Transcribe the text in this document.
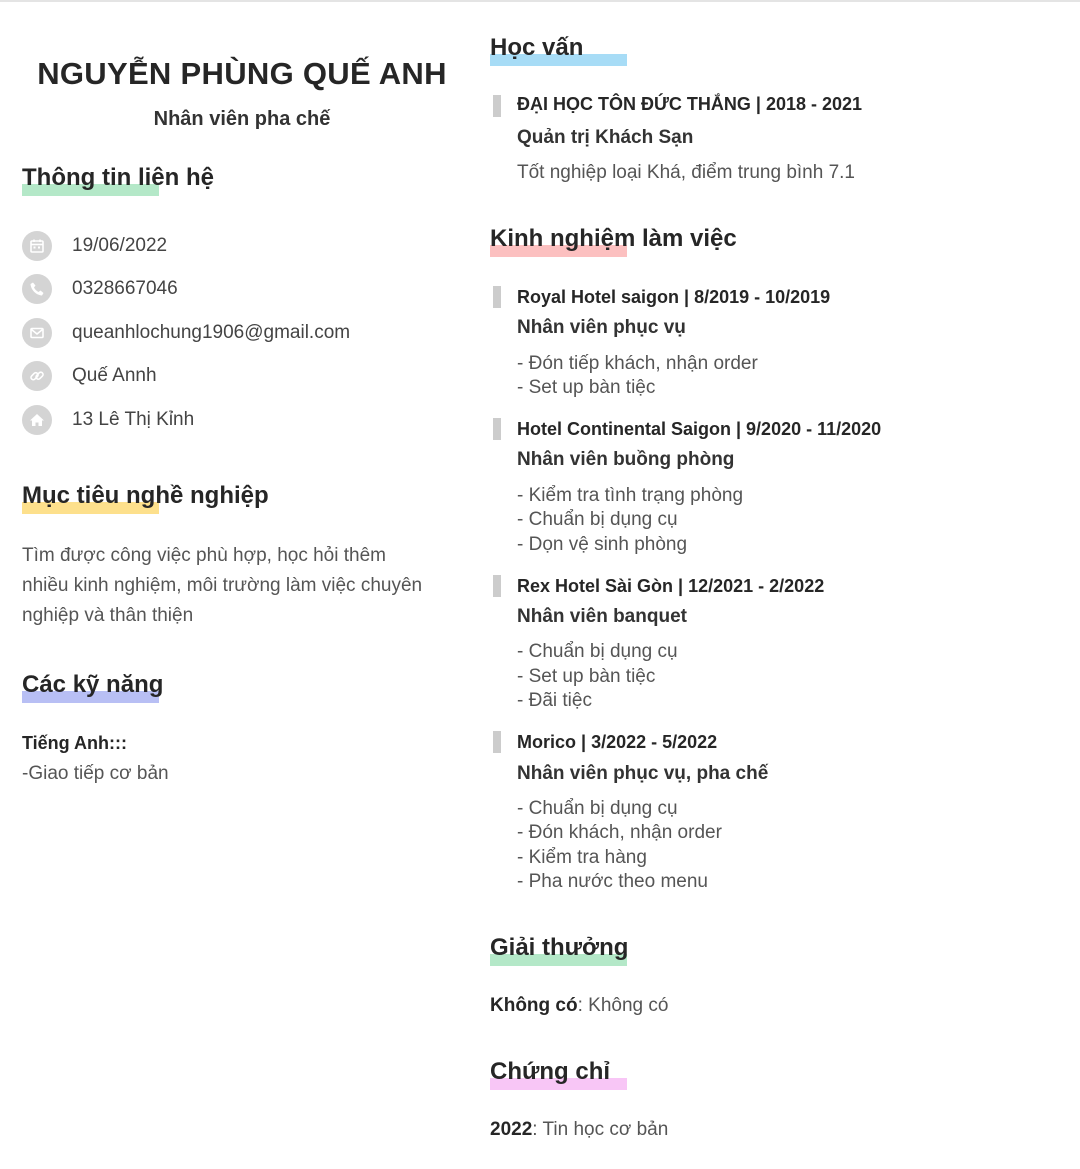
NGUYỄN PHÙNG QUẾ ANH
Nhân viên pha chế
Thông tin liên hệ
19/06/2022
0328667046
queanhlochung1906@gmail.com
Quế Annh
13 Lê Thị Kỉnh
Mục tiêu nghề nghiệp
Tìm được công việc phù hợp, học hỏi thêm
nhiều kinh nghiệm, môi trường làm việc chuyên
nghiệp và thân thiện
Các kỹ năng
Tiếng Anh:::
-Giao tiếp cơ bản
Học vấn
ĐẠI HỌC TÔN ĐỨC THẮNG | 2018 - 2021
Quản trị Khách Sạn
Tốt nghiệp loại Khá, điểm trung bình 7.1
Kinh nghiệm làm việc
Royal Hotel saigon | 8/2019 - 10/2019
Nhân viên phục vụ
- Đón tiếp khách, nhận order
- Set up bàn tiệc
Hotel Continental Saigon | 9/2020 - 11/2020
Nhân viên buồng phòng
- Kiểm tra tình trạng phòng
- Chuẩn bị dụng cụ
- Dọn vệ sinh phòng
Rex Hotel Sài Gòn | 12/2021 - 2/2022
Nhân viên banquet
- Chuẩn bị dụng cụ
- Set up bàn tiệc
- Đãi tiệc
Morico | 3/2022 - 5/2022
Nhân viên phục vụ, pha chế
- Chuẩn bị dụng cụ
- Đón khách, nhận order
- Kiểm tra hàng
- Pha nước theo menu
Giải thưởng
Không có: Không có
Chứng chỉ
2022: Tin học cơ bản
